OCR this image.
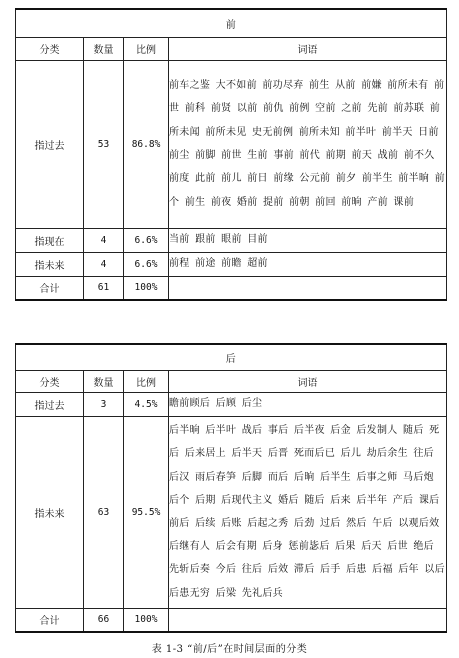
前			
分类	数量	比例	词语
指过去	53	86.8%	前车之鉴 大不如前 前功尽弃 前生 从前 前嫌 前所未有 前世 前科 前贤 以前 前仇 前例 空前 之前 先前 前苏联 前所未闻 前所未见 史无前例 前所未知 前半叶 前半天 日前 前尘 前脚 前世 生前 事前 前代 前期 前天 战前 前不久 前度 此前 前儿 前日 前缘 公元前 前夕 前半生 前半晌 前个 前生 前夜 婚前 提前 前朝 前回 前晌 产前 课前
指现在	4	6.6%	当前 跟前 眼前 目前
指未来	4	6.6%	前程 前途 前瞻 超前
合计	61	100%	
后			
分类	数量	比例	词语
指过去	3	4.5%	瞻前顾后 后顾 后尘
指未来	63	95.5%	后半晌 后半叶 战后 事后 后半夜 后金 后发制人 随后 死后 后来居上 后半天 后晋 死而后已 后儿 劫后余生 往后 后汉 雨后春笋 后脚 而后 后晌 后半生 后事之师 马后炮 后个 后期 后现代主义 婚后 随后 后来 后半年 产后 课后 前后 后续 后账 后起之秀 后劲 过后 然后 午后 以观后效 后继有人 后会有期 后身 惩前毖后 后果 后天 后世 绝后 先斩后奏 今后 往后 后效 滞后 后手 后患 后福 后年 以后 后患无穷 后梁 先礼后兵
合计	66	100%	
表 1-3 “前/后”在时间层面的分类
